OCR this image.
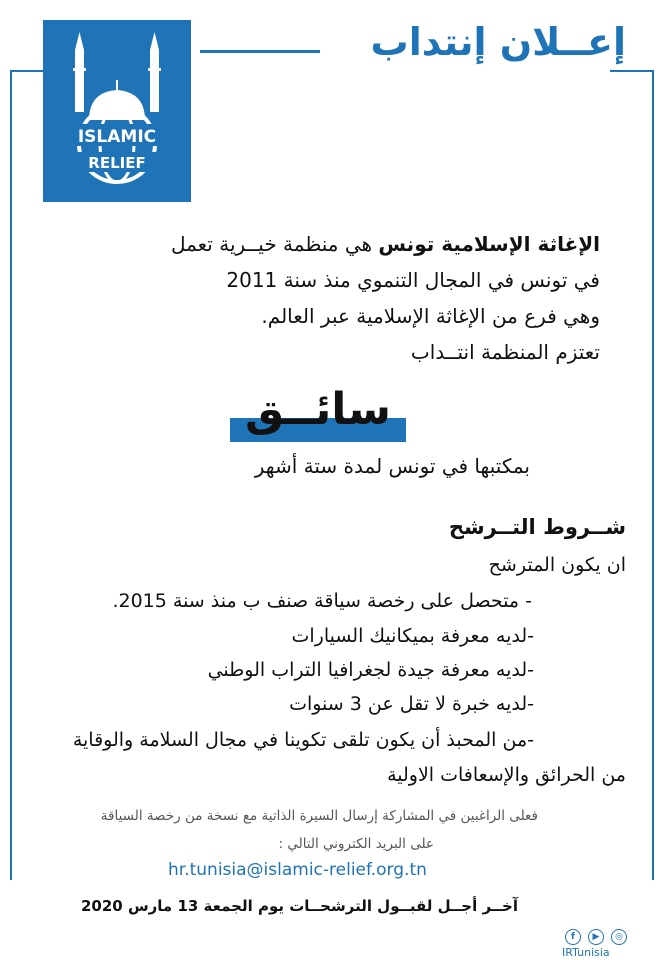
إعــلان إنتداب
ISLAMIC
RELIEF
الإغاثة الإسلامية تونس هي منظمة خيــرية تعمل
في تونس في المجال التنموي منذ سنة 2011
وهي فرع من الإغاثة الإسلامية عبر العالم.
تعتزم المنظمة انتــداب
سائــق
بمكتبها في تونس لمدة ستة أشهر
شــروط التــرشح
ان يكون المترشح
- متحصل على رخصة سياقة صنف ب منذ سنة 2015.
-لديه معرفة بميكانيك السيارات
-لديه معرفة جيدة لجغرافيا التراب الوطني
-لديه خبرة لا تقل عن 3 سنوات
-من المحبذ أن يكون تلقى تكوينا في مجال السلامة والوقاية
من الحرائق والإسعافات الاولية
فعلى الراغبين في المشاركة إرسال السيرة الذاتية مع نسخة من رخصة السياقة
على البريد الكتروني التالي :
hr.tunisia@islamic-relief.org.tn
آخــر أجــل لقبــول الترشحــات يوم الجمعة 13 مارس 2020
f	▶	◎
IRTunisia
